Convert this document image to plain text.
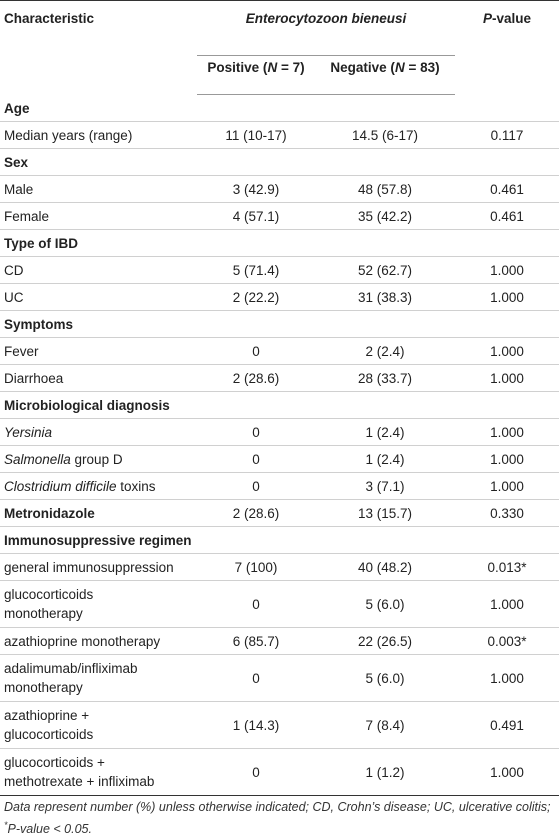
Characteristic	Enterocytozoon bieneusi		P-value
	Positive (N = 7)	Negative (N = 83)	
Age			
Median years (range)	11 (10-17)	14.5 (6-17)	0.117
Sex			
Male	3 (42.9)	48 (57.8)	0.461
Female	4 (57.1)	35 (42.2)	0.461
Type of IBD			
CD	5 (71.4)	52 (62.7)	1.000
UC	2 (22.2)	31 (38.3)	1.000
Symptoms			
Fever	0	2 (2.4)	1.000
Diarrhoea	2 (28.6)	28 (33.7)	1.000
Microbiological diagnosis			
Yersinia	0	1 (2.4)	1.000
Salmonella group D	0	1 (2.4)	1.000
Clostridium difficile toxins	0	3 (7.1)	1.000
Metronidazole	2 (28.6)	13 (15.7)	0.330
Immunosuppressive regimen			
general immunosuppression	7 (100)	40 (48.2)	0.013*
glucocorticoids
monotherapy	0	5 (6.0)	1.000
azathioprine monotherapy	6 (85.7)	22 (26.5)	0.003*
adalimumab/infliximab
monotherapy	0	5 (6.0)	1.000
azathioprine +
glucocorticoids	1 (14.3)	7 (8.4)	0.491
glucocorticoids +
methotrexate + infliximab	0	1 (1.2)	1.000
Data represent number (%) unless otherwise indicated; CD, Crohn’s disease; UC, ulcerative colitis; *P-value < 0.05.
